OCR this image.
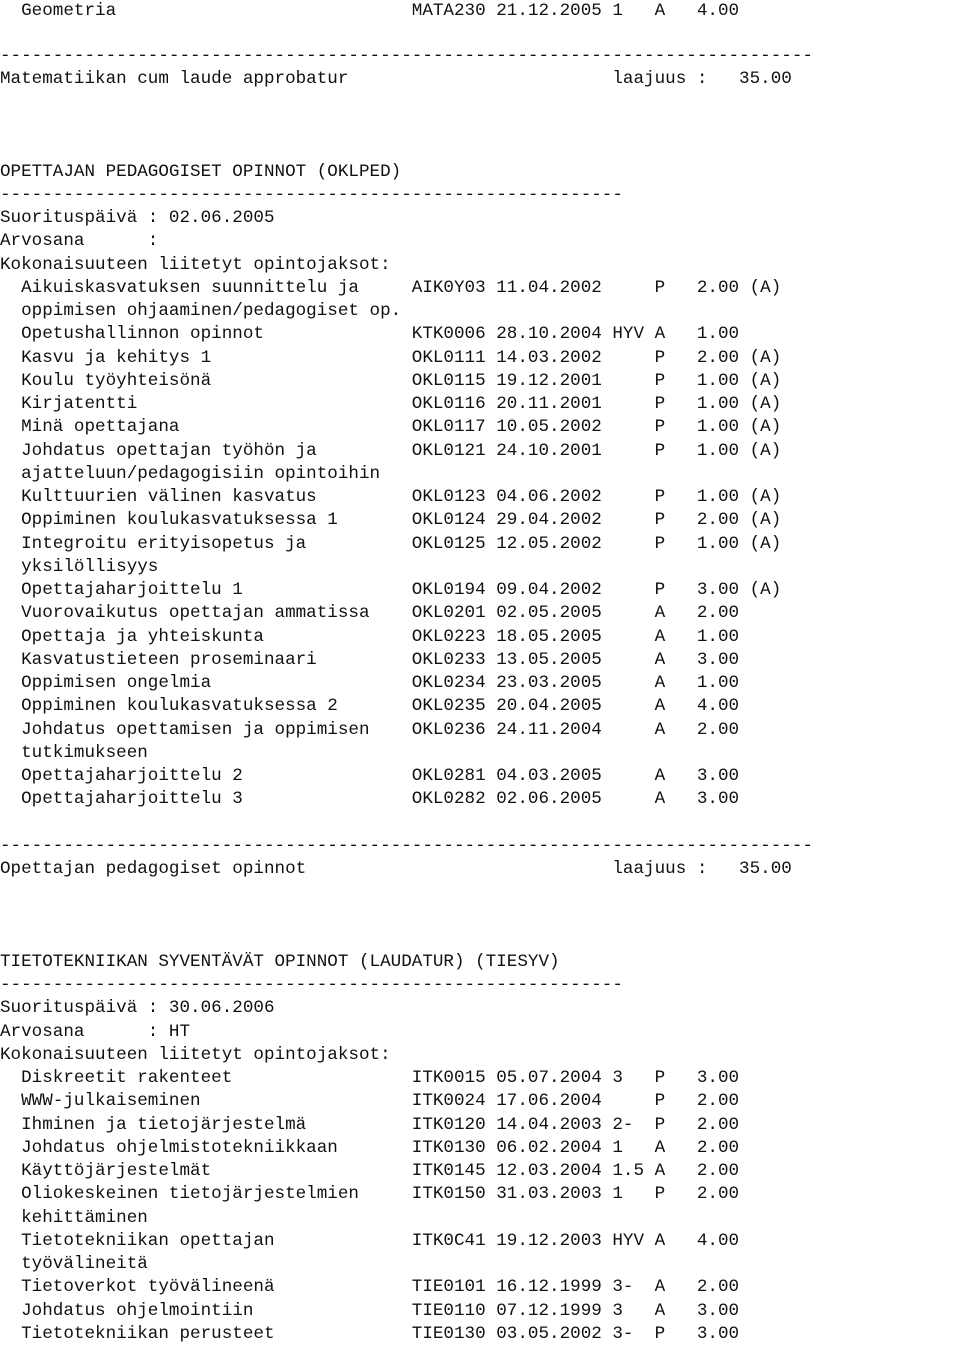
Geometria                            MATA230 21.12.2005 1   A   4.00
-----------------------------------------------------------------------------
Matematiikan cum laude approbatur                         laajuus :   35.00
OPETTAJAN PEDAGOGISET OPINNOT (OKLPED)
-----------------------------------------------------------
Suorituspäivä : 02.06.2005
Arvosana      :
Kokonaisuuteen liitetyt opintojaksot:
Aikuiskasvatuksen suunnittelu ja     AIK0Y03 11.04.2002     P   2.00 (A)
oppimisen ohjaaminen/pedagogiset op.
Opetushallinnon opinnot              KTK0006 28.10.2004 HYV A   1.00
Kasvu ja kehitys 1                   OKL0111 14.03.2002     P   2.00 (A)
Koulu työyhteisönä                   OKL0115 19.12.2001     P   1.00 (A)
Kirjatentti                          OKL0116 20.11.2001     P   1.00 (A)
Minä opettajana                      OKL0117 10.05.2002     P   1.00 (A)
Johdatus opettajan työhön ja         OKL0121 24.10.2001     P   1.00 (A)
ajatteluun/pedagogisiin opintoihin
Kulttuurien välinen kasvatus         OKL0123 04.06.2002     P   1.00 (A)
Oppiminen koulukasvatuksessa 1       OKL0124 29.04.2002     P   2.00 (A)
Integroitu erityisopetus ja          OKL0125 12.05.2002     P   1.00 (A)
yksilöllisyys
Opettajaharjoittelu 1                OKL0194 09.04.2002     P   3.00 (A)
Vuorovaikutus opettajan ammatissa    OKL0201 02.05.2005     A   2.00
Opettaja ja yhteiskunta              OKL0223 18.05.2005     A   1.00
Kasvatustieteen proseminaari         OKL0233 13.05.2005     A   3.00
Oppimisen ongelmia                   OKL0234 23.03.2005     A   1.00
Oppiminen koulukasvatuksessa 2       OKL0235 20.04.2005     A   4.00
Johdatus opettamisen ja oppimisen    OKL0236 24.11.2004     A   2.00
tutkimukseen
Opettajaharjoittelu 2                OKL0281 04.03.2005     A   3.00
Opettajaharjoittelu 3                OKL0282 02.06.2005     A   3.00
-----------------------------------------------------------------------------
Opettajan pedagogiset opinnot                             laajuus :   35.00
TIETOTEKNIIKAN SYVENTÄVÄT OPINNOT (LAUDATUR) (TIESYV)
-----------------------------------------------------------
Suorituspäivä : 30.06.2006
Arvosana      : HT
Kokonaisuuteen liitetyt opintojaksot:
Diskreetit rakenteet                 ITK0015 05.07.2004 3   P   3.00
WWW-julkaiseminen                    ITK0024 17.06.2004     P   2.00
Ihminen ja tietojärjestelmä          ITK0120 14.04.2003 2-  P   2.00
Johdatus ohjelmistotekniikkaan       ITK0130 06.02.2004 1   A   2.00
Käyttöjärjestelmät                   ITK0145 12.03.2004 1.5 A   2.00
Oliokeskeinen tietojärjestelmien     ITK0150 31.03.2003 1   P   2.00
kehittäminen
Tietotekniikan opettajan             ITK0C41 19.12.2003 HYV A   4.00
työvälineitä
Tietoverkot työvälineenä             TIE0101 16.12.1999 3-  A   2.00
Johdatus ohjelmointiin               TIE0110 07.12.1999 3   A   3.00
Tietotekniikan perusteet             TIE0130 03.05.2002 3-  P   3.00
